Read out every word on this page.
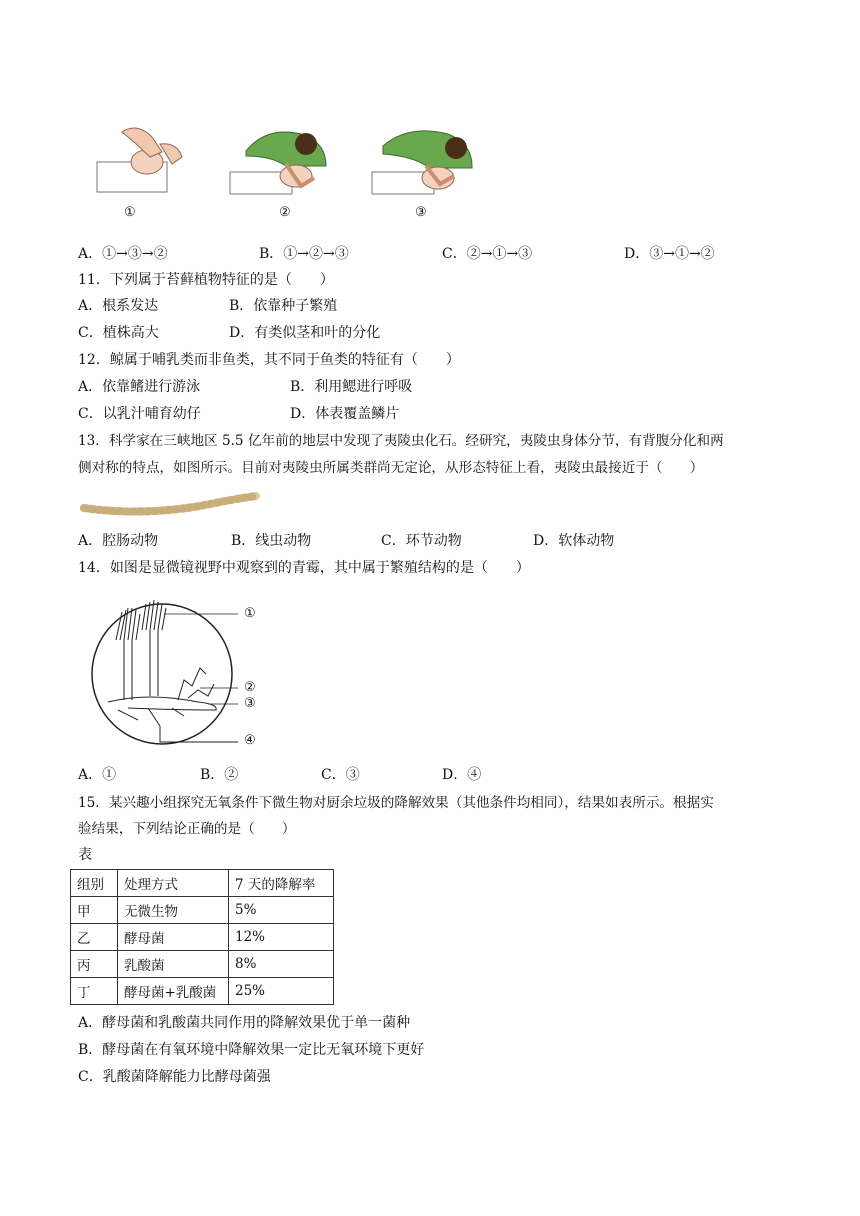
①	②	③
A．①→③→②	B．①→②→③	C．②→①→③	D．③→①→②
11．下列属于苔藓植物特征的是（　　）
A．根系发达	B．依靠种子繁殖
C．植株高大	D．有类似茎和叶的分化
12．鲸属于哺乳类而非鱼类，其不同于鱼类的特征有（　　）
A．依靠鳍进行游泳	B．利用鳃进行呼吸
C．以乳汁哺育幼仔	D．体表覆盖鳞片
13．科学家在三峡地区 5.5 亿年前的地层中发现了夷陵虫化石。经研究，夷陵虫身体分节，有背腹分化和两
侧对称的特点，如图所示。目前对夷陵虫所属类群尚无定论，从形态特征上看，夷陵虫最接近于（　　）
A．腔肠动物	B．线虫动物	C．环节动物	D．软体动物
14．如图是显微镜视野中观察到的青霉，其中属于繁殖结构的是（　　）
①
②
③
④
A．①	B．②	C．③	D．④
15．某兴趣小组探究无氧条件下微生物对厨余垃圾的降解效果（其他条件均相同），结果如表所示。根据实
验结果，下列结论正确的是（　　）
表
组别	处理方式	7 天的降解率
甲	无微生物	5%
乙	酵母菌	12%
丙	乳酸菌	8%
丁	酵母菌+乳酸菌	25%
A．酵母菌和乳酸菌共同作用的降解效果优于单一菌种
B．酵母菌在有氧环境中降解效果一定比无氧环境下更好
C．乳酸菌降解能力比酵母菌强
